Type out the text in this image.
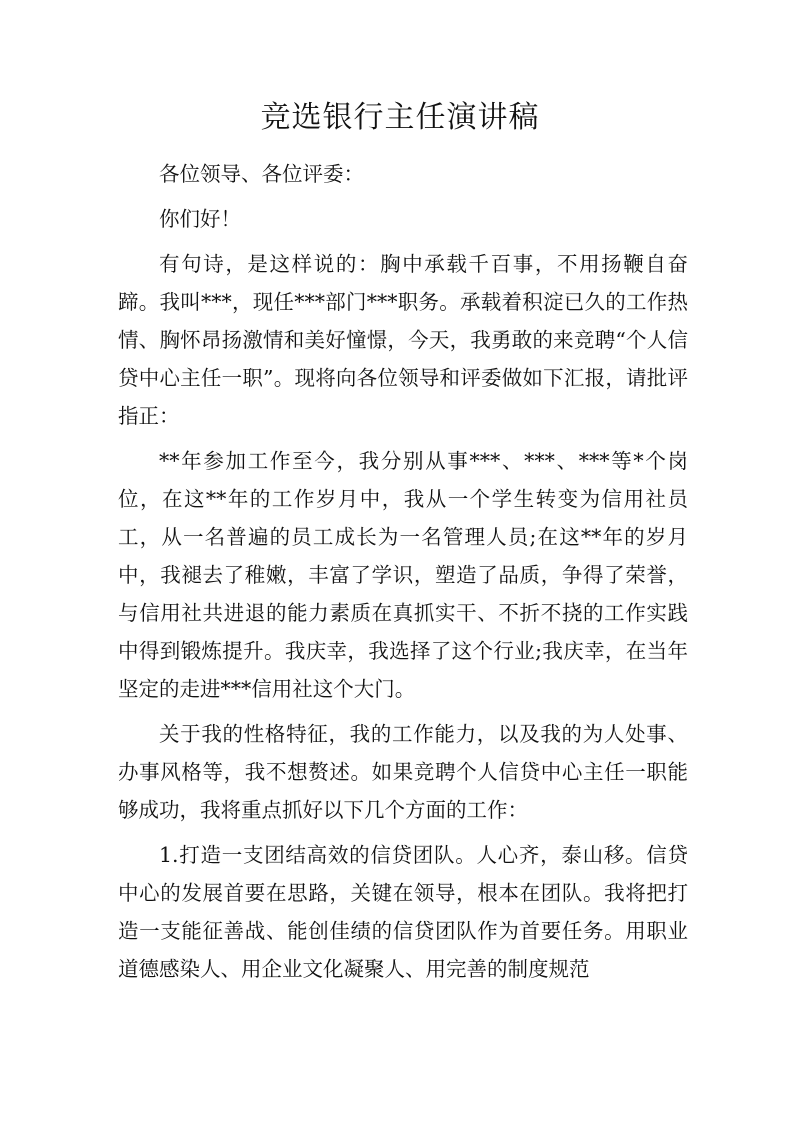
竞选银行主任演讲稿

各位领导、各位评委：

你们好！

有句诗，是这样说的：胸中承载千百事，不用扬鞭自奋蹄。我叫***，现任***部门***职务。承载着积淀已久的工作热情、胸怀昂扬激情和美好憧憬，今天，我勇敢的来竞聘“个人信贷中心主任一职”。现将向各位领导和评委做如下汇报，请批评指正：

**年参加工作至今，我分别从事***、***、***等*个岗位，在这**年的工作岁月中，我从一个学生转变为信用社员工，从一名普遍的员工成长为一名管理人员;在这**年的岁月中，我褪去了稚嫩，丰富了学识，塑造了品质，争得了荣誉，与信用社共进退的能力素质在真抓实干、不折不挠的工作实践中得到锻炼提升。我庆幸，我选择了这个行业;我庆幸，在当年坚定的走进***信用社这个大门。

关于我的性格特征，我的工作能力，以及我的为人处事、办事风格等，我不想赘述。如果竞聘个人信贷中心主任一职能够成功，我将重点抓好以下几个方面的工作：

1.打造一支团结高效的信贷团队。人心齐，泰山移。信贷中心的发展首要在思路，关键在领导，根本在团队。我将把打造一支能征善战、能创佳绩的信贷团队作为首要任务。用职业道德感染人、用企业文化凝聚人、用完善的制度规范
